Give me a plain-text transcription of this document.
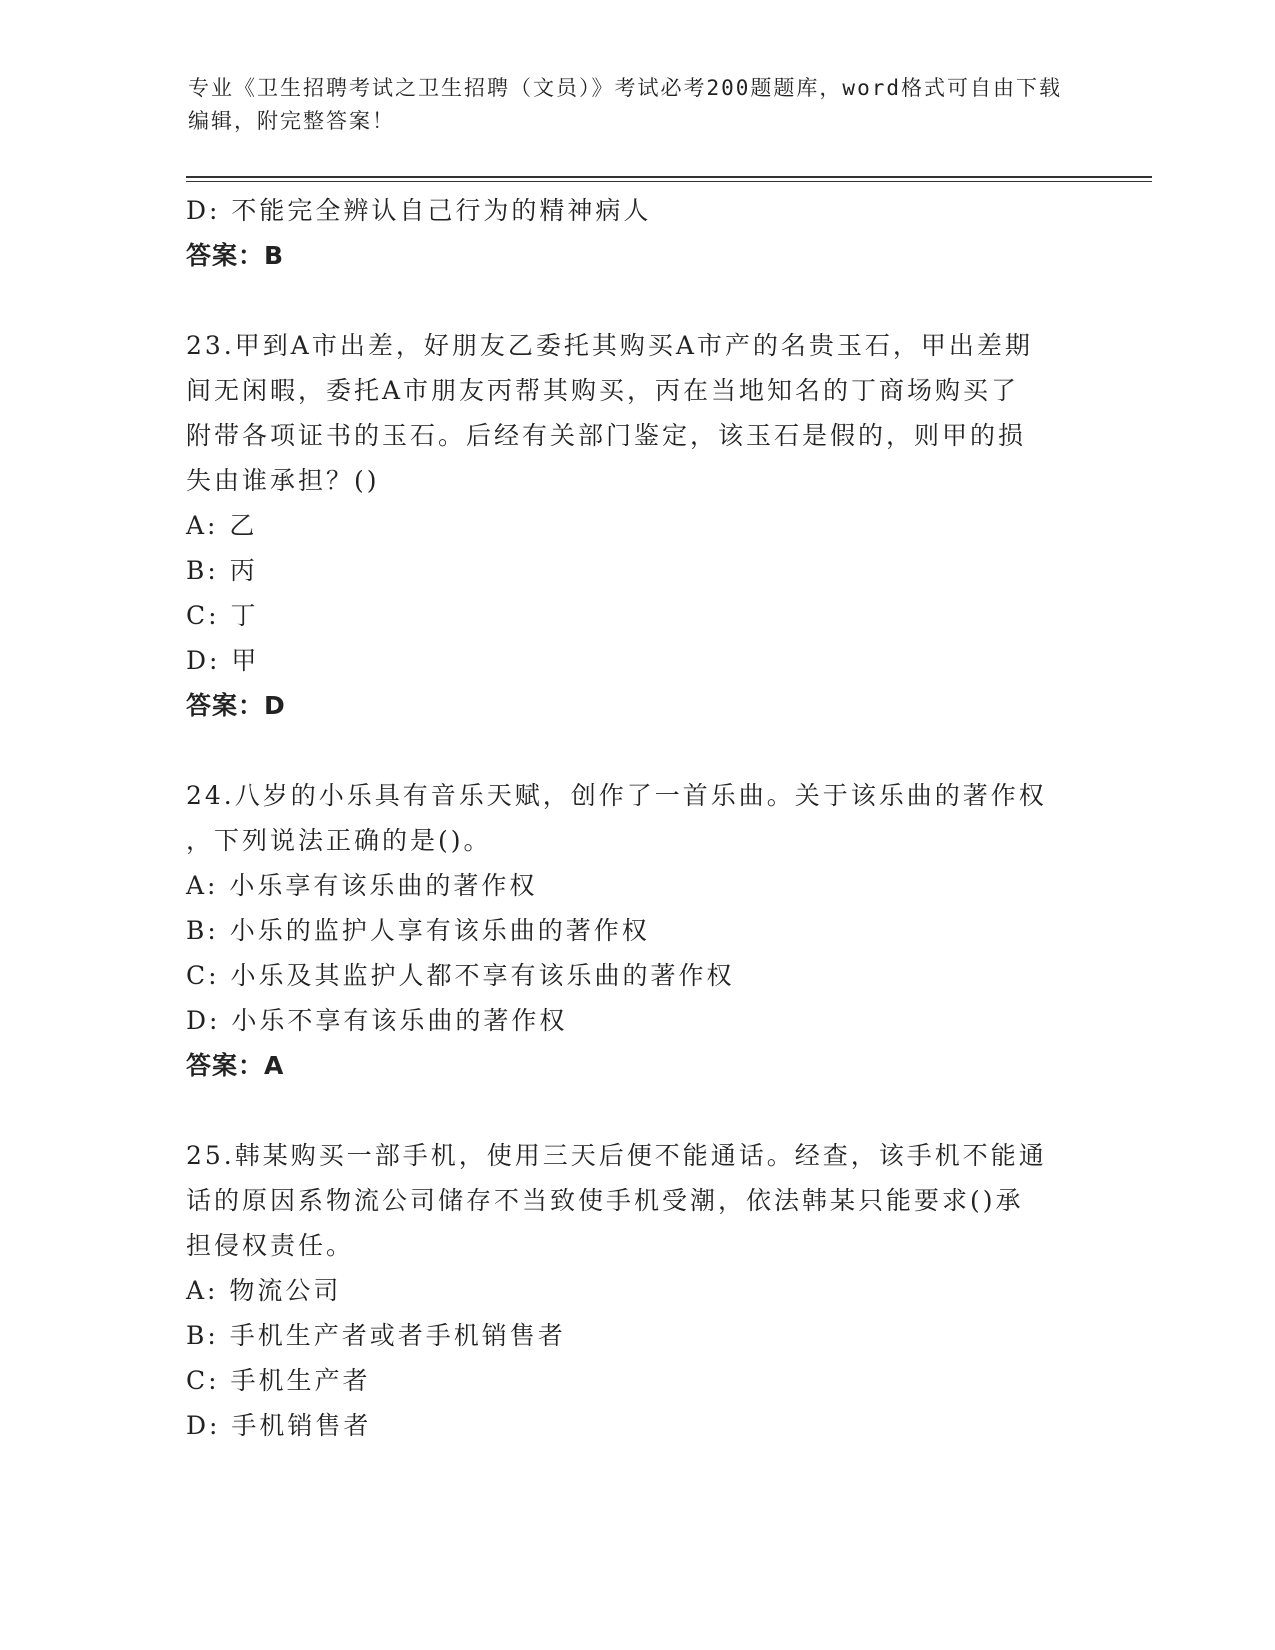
专业《卫生招聘考试之卫生招聘（文员）》考试必考200题题库，word格式可自由下载编辑，附完整答案！
D: 不能完全辨认自己行为的精神病人
答案：B
23.甲到A市出差，好朋友乙委托其购买A市产的名贵玉石，甲出差期
间无闲暇，委托A市朋友丙帮其购买，丙在当地知名的丁商场购买了
附带各项证书的玉石。后经有关部门鉴定，该玉石是假的，则甲的损
失由谁承担？()
A: 乙
B: 丙
C: 丁
D: 甲
答案：D
24.八岁的小乐具有音乐天赋，创作了一首乐曲。关于该乐曲的著作权
，下列说法正确的是()。
A: 小乐享有该乐曲的著作权
B: 小乐的监护人享有该乐曲的著作权
C: 小乐及其监护人都不享有该乐曲的著作权
D: 小乐不享有该乐曲的著作权
答案：A
25.韩某购买一部手机，使用三天后便不能通话。经查，该手机不能通
话的原因系物流公司储存不当致使手机受潮，依法韩某只能要求()承
担侵权责任。
A: 物流公司
B: 手机生产者或者手机销售者
C: 手机生产者
D: 手机销售者
